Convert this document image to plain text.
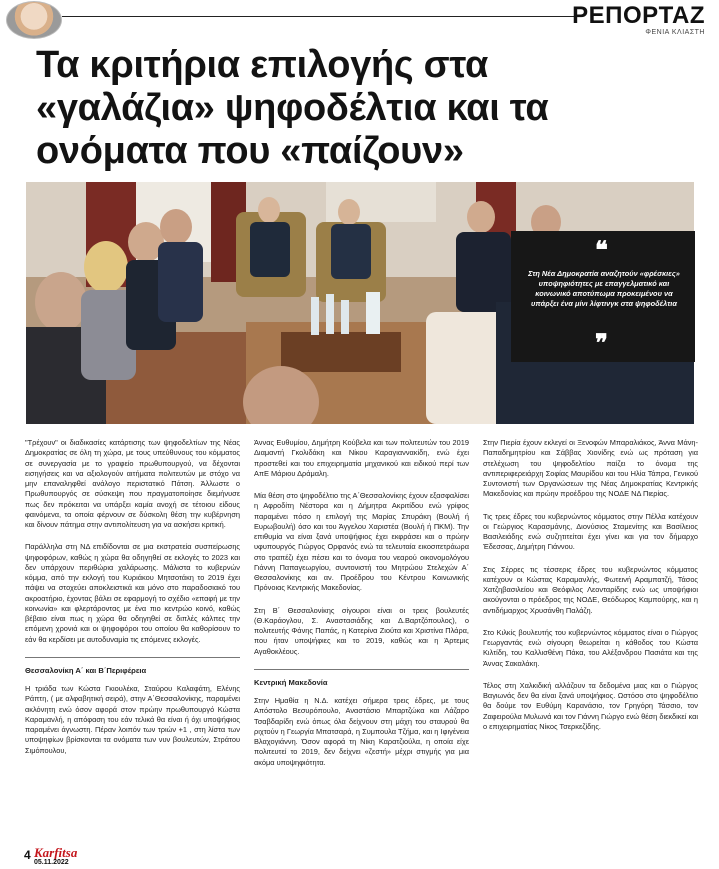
ΡΕΠΟΡΤΑΖ
ΦΕΝΙΑ ΚΛΙΑΣΤΗ
Τα κριτήρια επιλογής στα «γαλάζια» ψηφοδέλτια και τα ονόματα που «παίζουν»
❝

Στη Νέα Δημοκρατία αναζητούν «φρέσκιες» υποψηφιότητες με επαγγελματικό και κοινωνικό αποτύπωμα προκειμένου να υπάρξει ένα μίνι λίφτινγκ στα ψηφοδέλτια

❞

"Τρέχουν" οι διαδικασίες κατάρτισης των ψηφοδελτίων της Νέας Δημοκρατίας σε όλη τη χώρα, με τους υπεύθυνους του κόμματος σε συνεργασία με το γραφείο πρωθυπουργού, να δέχονται εισηγήσεις και να αξιολογούν αιτήματα πολιτευτών με στόχο να μην επαναληφθεί ανάλογο περιστατικό Πάτση. Άλλωστε ο Πρωθυπουργός σε σύσκεψη που πραγματοποίησε διεμήνυσε πως δεν πρόκειται να υπάρξει καμία ανοχή σε τέτοιου είδους φαινόμενα, τα οποία φέρνουν σε δύσκολη θέση την κυβέρνηση και δίνουν πάτημα στην αντιπολίτευση για να ασκήσει κριτική.

Παράλληλα στη ΝΔ επιδίδονται σε μια εκστρατεία συσπείρωσης ψηφοφόρων, καθώς η χώρα θα οδηγηθεί σε εκλογές το 2023 και δεν υπάρχουν περιθώρια χαλάρωσης. Μάλιστα το κυβερνών κόμμα, από την εκλογή του Κυριάκου Μητσοτάκη το 2019 έχει πάψει να στοχεύει αποκλειστικά και μόνο στο παραδοσιακό του ακροατήριο, έχοντας βάλει σε εφαρμογή το σχέδιο «επαφή με την κοινωνία» και φλερτάροντας με ένα πιο κεντρώο κοινό, καθώς βέβαιο είναι πως η χώρα θα οδηγηθεί σε διπλές κάλπες την επόμενη χρονιά και οι ψηφοφόροι του οποίου θα καθορίσουν το εάν θα κερδίσει με αυτοδυναμία τις επόμενες εκλογές.

Θεσσαλονίκη Α΄ και Β΄Περιφέρεια

Η τριάδα των Κώστα Γκιουλέκα, Σταύρου Καλαφάτη, Ελένης Ράπτη, ( με αλφαβητική σειρά), στην Α΄Θεσσαλονίκης, παραμένει ακλόνητη ενώ όσον αφορά στον πρώην πρωθυπουργό Κώστα Καραμανλή, η απόφαση του εάν τελικά θα είναι ή όχι υποψήφιος παραμένει άγνωστη. Πέραν λοιπόν των τριών +1 , στη λίστα των υποψηφίων βρίσκονται τα ονόματα των νυν βουλευτών, Στράτου Σιμόπουλου,

Άννας Ευθυμίου, Δημήτρη Κούβελα και των πολιτευτών του 2019 Διαμαντή Γκολιδάκη και Νίκου Καραγιαννακίδη, ενώ έχει προστεθεί και του επιχειρηματία μηχανικού και ειδικού περί των ΑπΕ Μάριου Δράμαλη.

Μία θέση στο ψηφοδέλτιο της Α΄Θεσσαλονίκης έχουν εξασφαλίσει η Αφροδίτη Νέστορα και η Δήμητρα Ακριτίδου ενώ γρίφος παραμένει πόσο η επιλογή της Μαρίας Σπυράκη (Βουλή ή Ευρωβουλή) όσο και του Άγγελου Χαριστέα (Βουλή ή ΠΚΜ). Την επιθυμία να είναι ξανά υποψήφιος έχει εκφράσει και ο πρώην υφυπουργός Γιώργος Ορφανός ενώ τα τελευταία εικοσιτετράωρα στο τραπέζι έχει πέσει και το όνομα του νεαρού οικονομολόγου Γιάννη Παπαγεωργίου, συντονιστή του Μητρώου Στελεχών Α΄ Θεσσαλονίκης και αν. Προέδρου του Κέντρου Κοινωνικής Πρόνοιας Κεντρικής Μακεδονίας.

Στη Β΄ Θεσσαλονίκης σίγουροι είναι οι τρεις βουλευτές (Θ.Καράογλου, Σ. Αναστασιάδης και Δ.Βαρτζόπουλος), ο πολιτευτής Φάνης Παπάς, η Κατερίνα Ζιούτα και Χριστίνα Πλάρα, που ήταν υποψήφιες και το 2019, καθώς και η Άρτεμις Αγαθοκλέους.

Κεντρική Μακεδονία

Στην Ημαθία η Ν.Δ. κατέχει σήμερα τρεις έδρες, με τους Απόστολο Βεσυρόπουλο, Αναστάσιο Μπαρτζώκα και Λάζαρο Τσαβδαρίδη ενώ όπως όλα δείχνουν στη μάχη του σταυρού θα ριχτούν η Γεωργία Μπατσαρά, η Συμπουλα Τζήμα, και η Ιφιγένεια Βλαχογιάννη. Όσον αφορά τη Νίκη Καρατζιούλα, η οποία είχε πολιτευτεί το 2019, δεν δείχνει «ζεστή» μέχρι στιγμής για μια ακόμα υποψηφιότητα.

Στην Πιερία έχουν εκλεγεί οι Ξενοφών Μπαραλιάκος, Άννα Μάνη-Παπαδημητρίου και Σάββας Χιονίδης ενώ ως πρόταση για στελέχωση του ψηφοδελτίου παίζει το όνομα της αντιπεριφερειάρχη Σοφίας Μαυρίδου και του Ηλία Τάπρα, Γενικού Συντονιστή των Οργανώσεων της Νέας Δημοκρατίας Κεντρικής Μακεδονίας και πρώην προέδρου της ΝΟΔΕ ΝΔ Πιερίας.

Τις τρεις έδρες του κυβερνώντος κόμματος στην Πέλλα κατέχουν οι Γεώργιος Καρασμάνης, Διονύσιος Σταμενίτης και Βασίλειος Βασιλειάδης ενώ συζητιτείται έχει γίνει και για τον δήμαρχο Έδεσσας, Δημήτρη Γιάννου.

Στις Σέρρες τις τέσσερις έδρες του κυβερνώντος κόμματος κατέχουν οι Κώστας Καραμανλής, Φωτεινή Αραμπατζή, Τάσος Χατζηβασιλείου και Θεόφιλος Λεονταρίδης ενώ ως υποψήφιοι ακούγονται ο πρόεδρος της ΝΟΔΕ, Θεόδωρος Καμπούρης, και η αντιδήμαρχος Χρυσάνθη Παλάζη.

Στο Κιλκίς βουλευτής του κυβερνώντος κόμματος είναι ο Γιώργος Γεωργαντάς ενώ σίγουρη θεωρείται η κάθοδος του Κώστα Κιλτίδη, του Καλλισθένη Πάκα, του Αλέξανδρου Πασιάτα και της Άννας Σακαλάκη.

Τέλος στη Χαλκιδική αλλάζουν τα δεδομένα μιας και ο Γιώργος Βαγιωνάς δεν θα είναι ξανά υποψήφιος. Ωστόσο στο ψηφοδέλτιο θα δούμε τον Ευθύμη Καρανάσιο, τον Γρηγόρη Τάσσιο, τον Ζαφειρούλα Μυλωνά και τον Γιάννη Γιώργο ενώ θέση διεκδικεί και ο επιχειρηματίας Νίκος Τσερκεζίδης.

4 Karfitsa
05.11.2022
